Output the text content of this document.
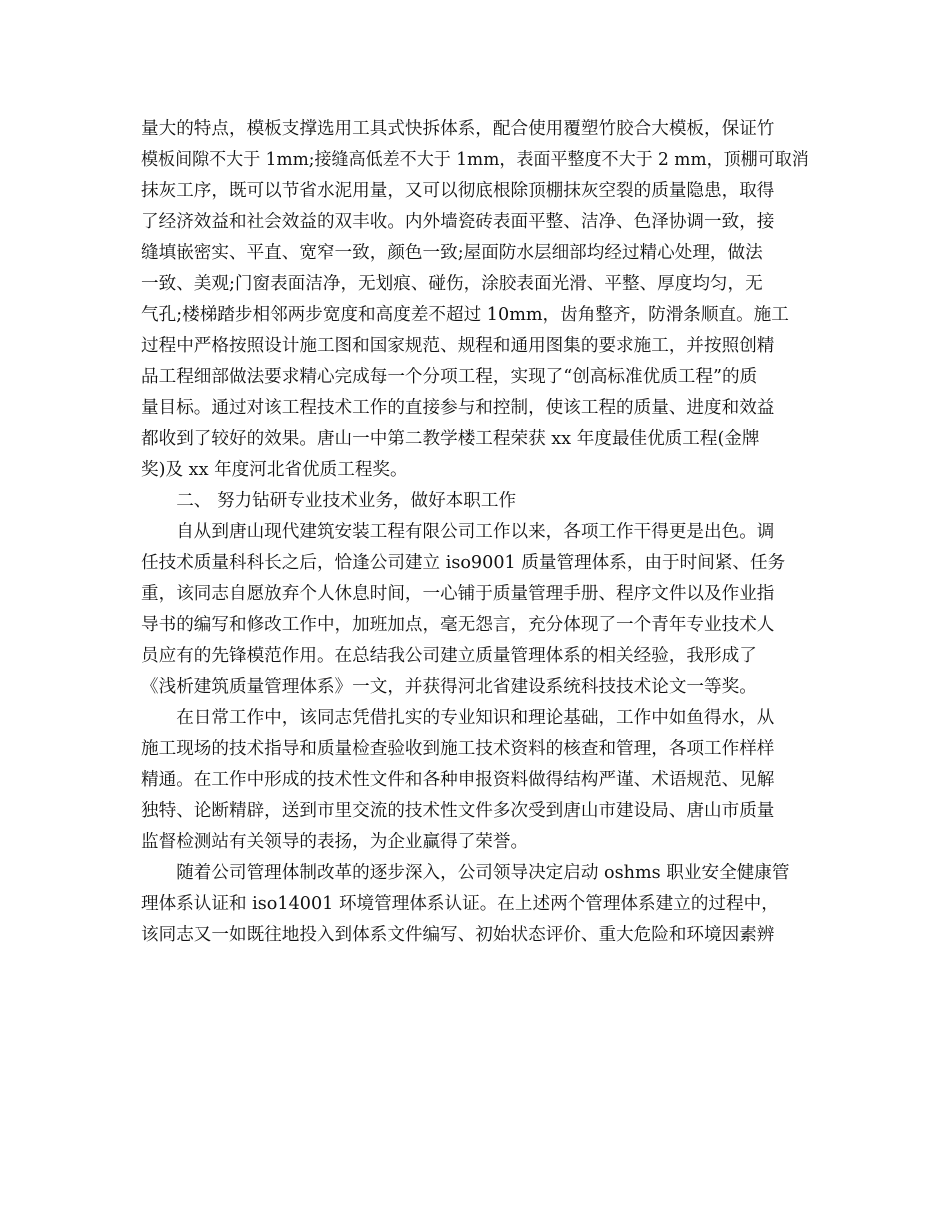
量大的特点，模板支撑选用工具式快拆体系，配合使用覆塑竹胶合大模板，保证竹
模板间隙不大于 1mm;接缝高低差不大于 1mm，表面平整度不大于 2 mm，顶棚可取消
抹灰工序，既可以节省水泥用量，又可以彻底根除顶棚抹灰空裂的质量隐患，取得
了经济效益和社会效益的双丰收。内外墙瓷砖表面平整、洁净、色泽协调一致，接
缝填嵌密实、平直、宽窄一致，颜色一致;屋面防水层细部均经过精心处理，做法
一致、美观;门窗表面洁净，无划痕、碰伤，涂胶表面光滑、平整、厚度均匀，无
气孔;楼梯踏步相邻两步宽度和高度差不超过 10mm，齿角整齐，防滑条顺直。施工
过程中严格按照设计施工图和国家规范、规程和通用图集的要求施工，并按照创精
品工程细部做法要求精心完成每一个分项工程，实现了“创高标准优质工程”的质
量目标。通过对该工程技术工作的直接参与和控制，使该工程的质量、进度和效益
都收到了较好的效果。唐山一中第二教学楼工程荣获 xx 年度最佳优质工程(金牌
奖)及 xx 年度河北省优质工程奖。
　　二、 努力钻研专业技术业务，做好本职工作
　　自从到唐山现代建筑安装工程有限公司工作以来，各项工作干得更是出色。调
任技术质量科科长之后，恰逢公司建立 iso9001 质量管理体系，由于时间紧、任务
重，该同志自愿放弃个人休息时间，一心铺于质量管理手册、程序文件以及作业指
导书的编写和修改工作中，加班加点，毫无怨言，充分体现了一个青年专业技术人
员应有的先锋模范作用。在总结我公司建立质量管理体系的相关经验，我形成了
《浅析建筑质量管理体系》一文，并获得河北省建设系统科技技术论文一等奖。
　　在日常工作中，该同志凭借扎实的专业知识和理论基础，工作中如鱼得水，从
施工现场的技术指导和质量检查验收到施工技术资料的核查和管理，各项工作样样
精通。在工作中形成的技术性文件和各种申报资料做得结构严谨、术语规范、见解
独特、论断精辟，送到市里交流的技术性文件多次受到唐山市建设局、唐山市质量
监督检测站有关领导的表扬，为企业赢得了荣誉。
　　随着公司管理体制改革的逐步深入，公司领导决定启动 oshms 职业安全健康管
理体系认证和 iso14001 环境管理体系认证。在上述两个管理体系建立的过程中，
该同志又一如既往地投入到体系文件编写、初始状态评价、重大危险和环境因素辨
